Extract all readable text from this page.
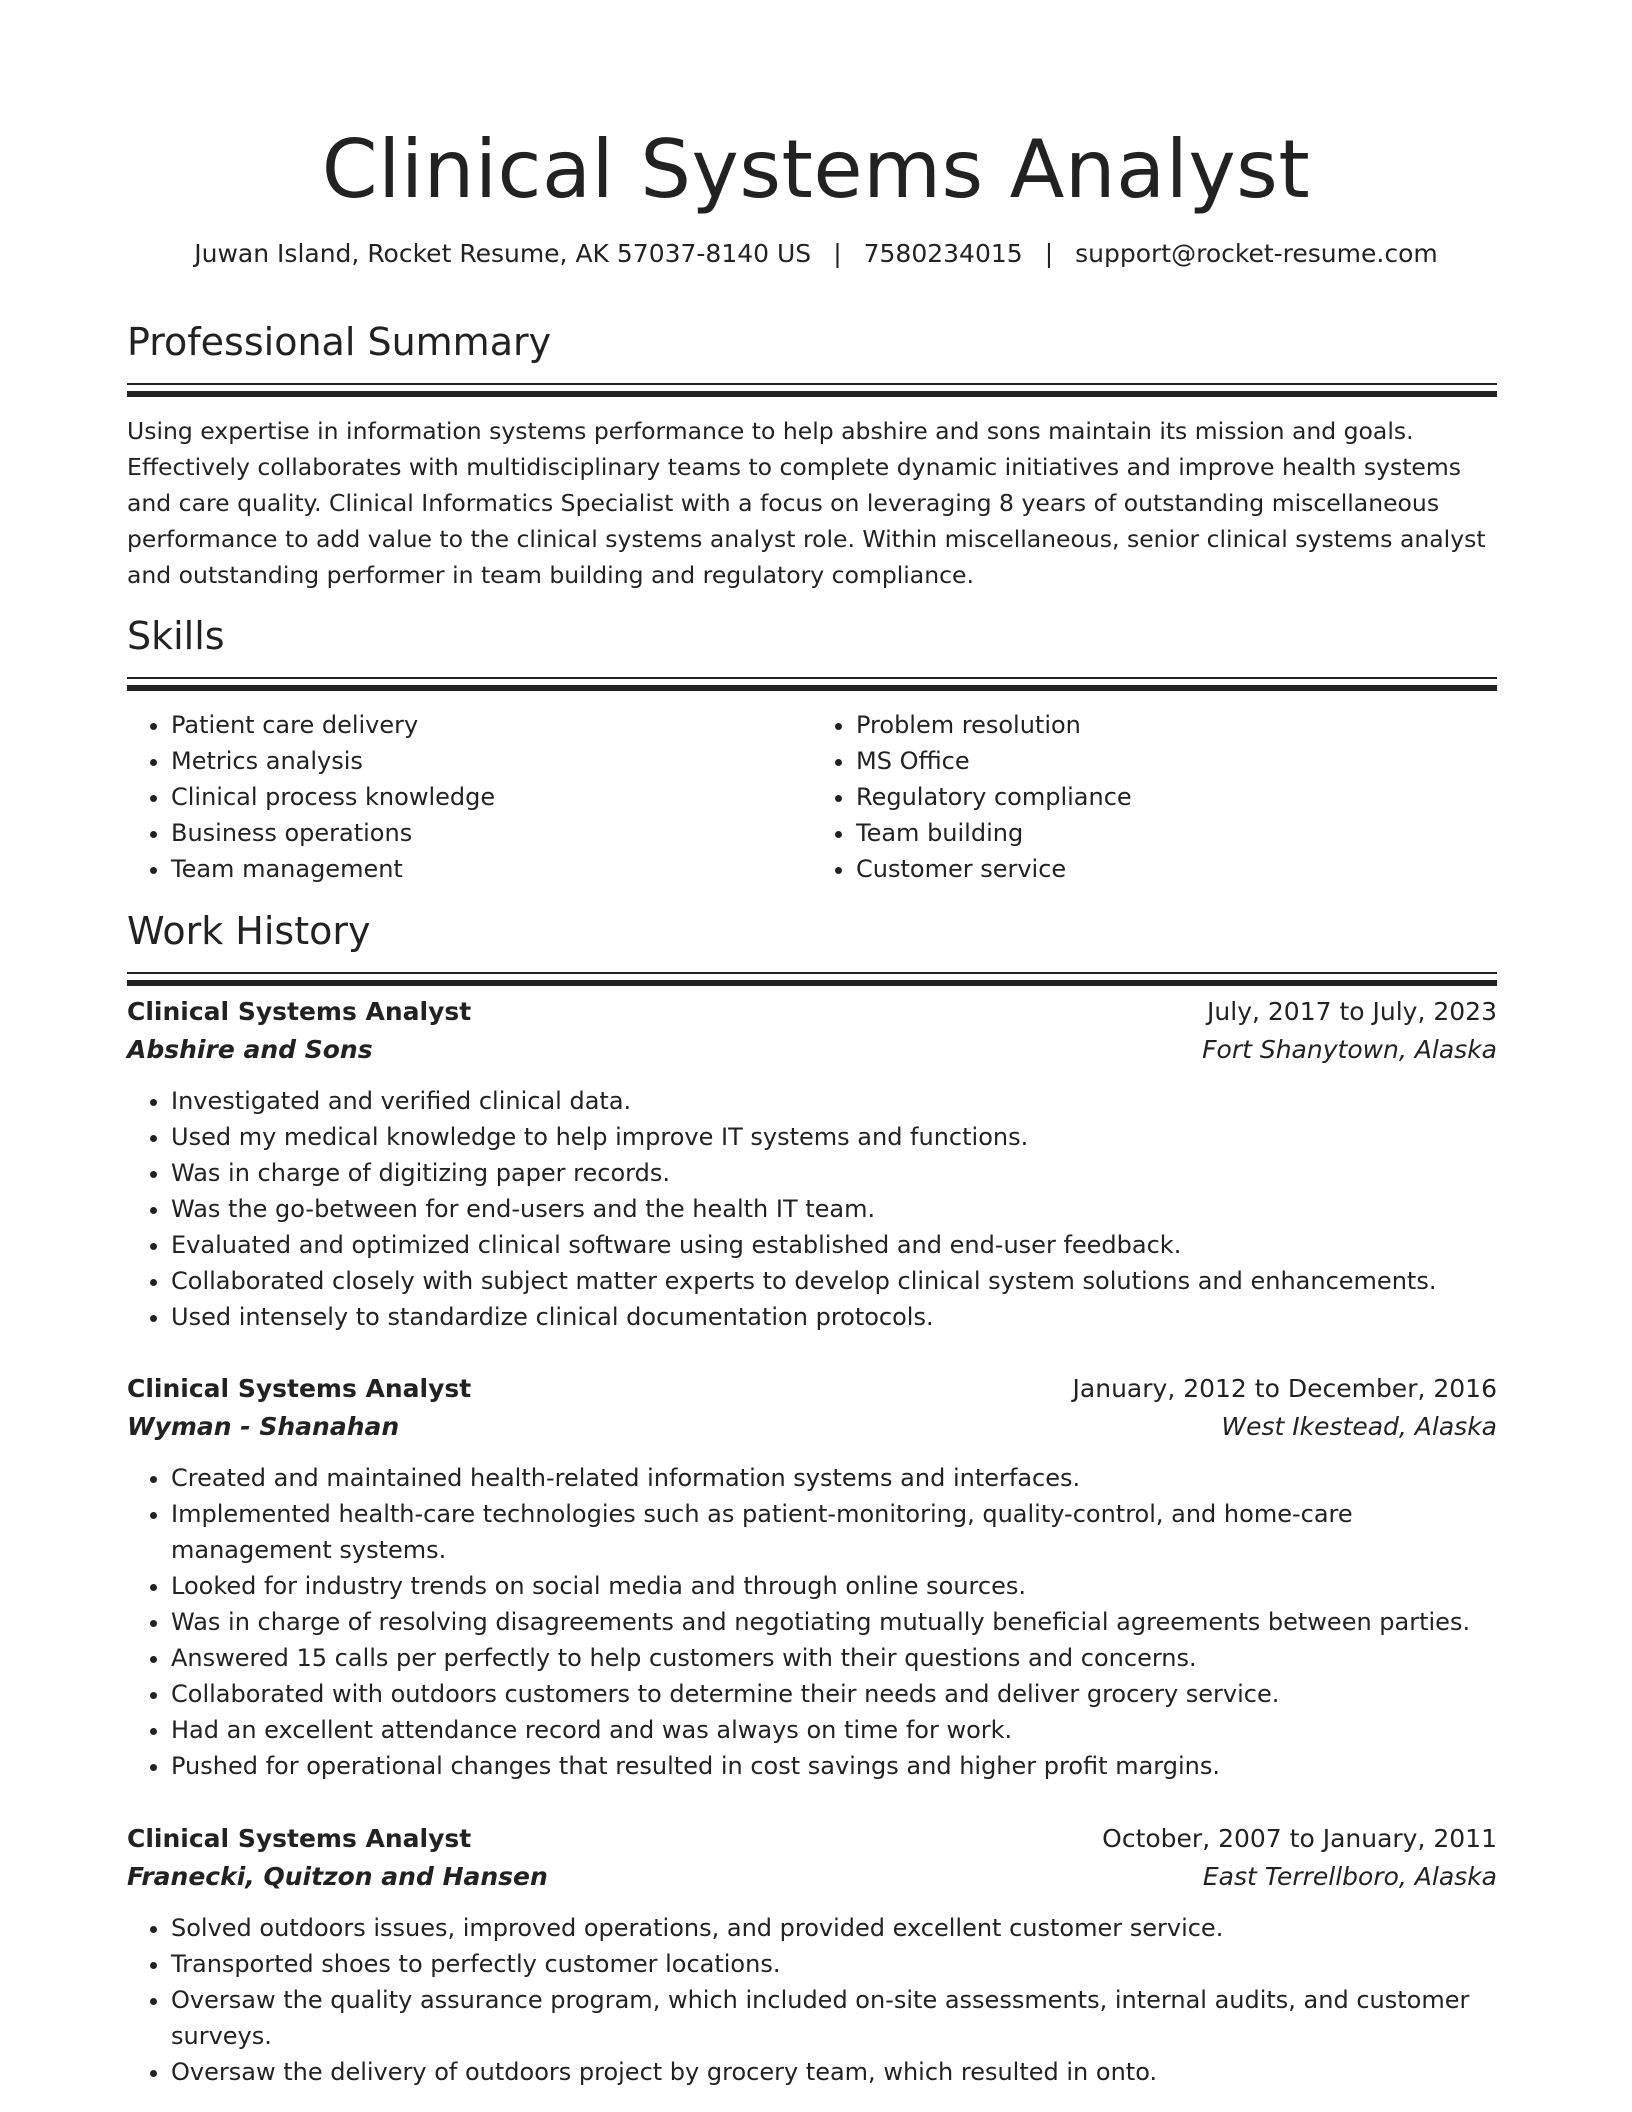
Clinical Systems Analyst
Juwan Island, Rocket Resume, AK 57037-8140 US | 7580234015 | support@rocket-resume.com
Professional Summary

Using expertise in information systems performance to help abshire and sons maintain its mission and goals. Effectively collaborates with multidisciplinary teams to complete dynamic initiatives and improve health systems and care quality. Clinical Informatics Specialist with a focus on leveraging 8 years of outstanding miscellaneous performance to add value to the clinical systems analyst role. Within miscellaneous, senior clinical systems analyst and outstanding performer in team building and regulatory compliance.

Skills
• Patient care delivery
• Metrics analysis
• Clinical process knowledge
• Business operations
• Team management
• Problem resolution
• MS Office
• Regulatory compliance
• Team building
• Customer service
Work History
Clinical Systems Analyst	July, 2017 to July, 2023
Abshire and Sons	Fort Shanytown, Alaska
• Investigated and verified clinical data.
• Used my medical knowledge to help improve IT systems and functions.
• Was in charge of digitizing paper records.
• Was the go-between for end-users and the health IT team.
• Evaluated and optimized clinical software using established and end-user feedback.
• Collaborated closely with subject matter experts to develop clinical system solutions and enhancements.
• Used intensely to standardize clinical documentation protocols.
Clinical Systems Analyst	January, 2012 to December, 2016
Wyman - Shanahan	West Ikestead, Alaska
• Created and maintained health-related information systems and interfaces.
• Implemented health-care technologies such as patient-monitoring, quality-control, and home-care management systems.
• Looked for industry trends on social media and through online sources.
• Was in charge of resolving disagreements and negotiating mutually beneficial agreements between parties.
• Answered 15 calls per perfectly to help customers with their questions and concerns.
• Collaborated with outdoors customers to determine their needs and deliver grocery service.
• Had an excellent attendance record and was always on time for work.
• Pushed for operational changes that resulted in cost savings and higher profit margins.
Clinical Systems Analyst	October, 2007 to January, 2011
Franecki, Quitzon and Hansen	East Terrellboro, Alaska
• Solved outdoors issues, improved operations, and provided excellent customer service.
• Transported shoes to perfectly customer locations.
• Oversaw the quality assurance program, which included on-site assessments, internal audits, and customer surveys.
• Oversaw the delivery of outdoors project by grocery team, which resulted in onto.
